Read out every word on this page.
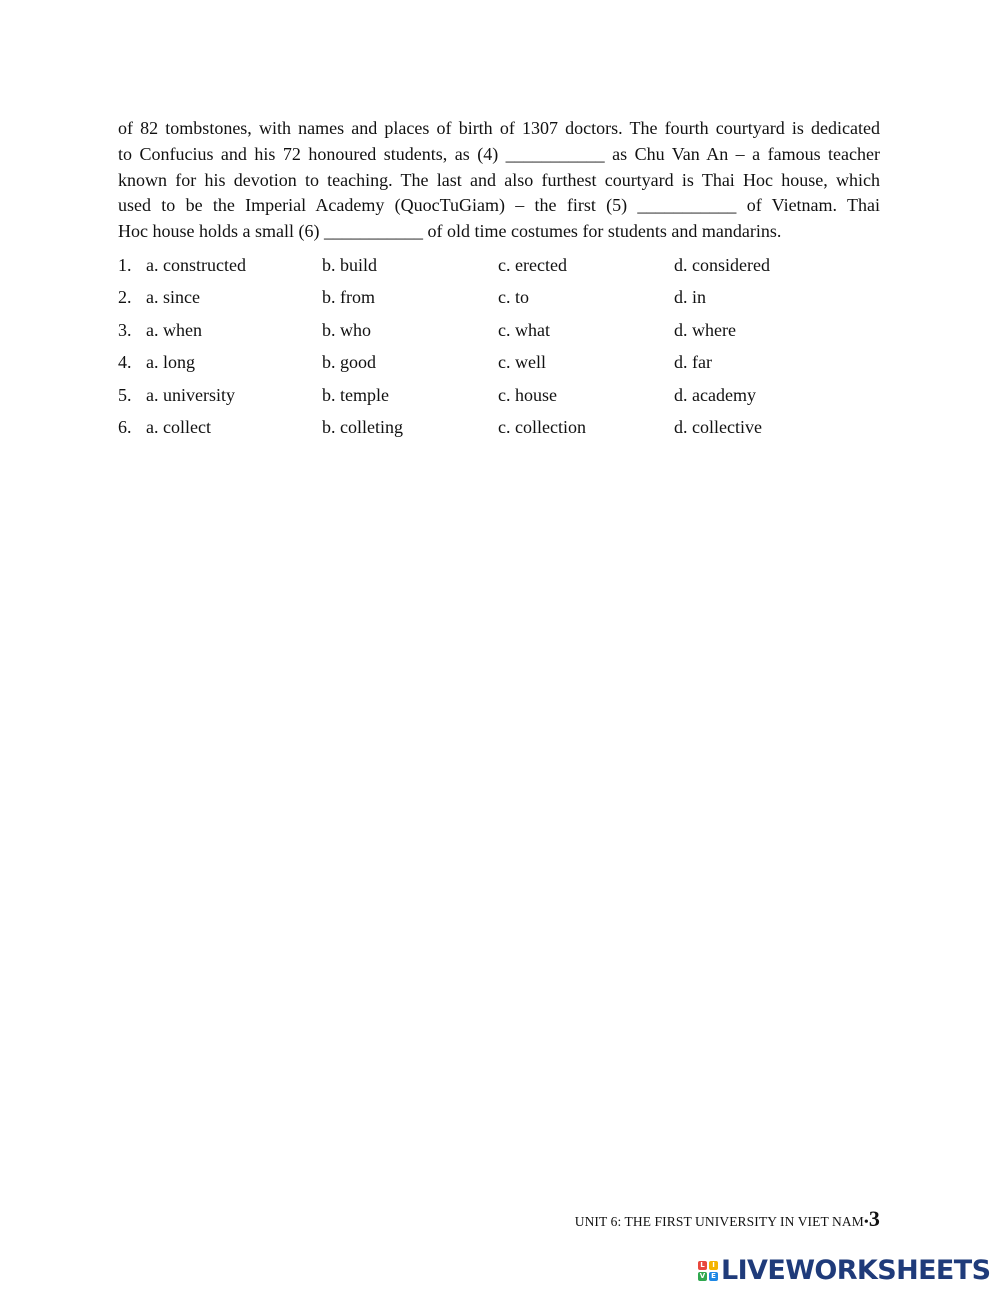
of 82 tombstones, with names and places of birth of 1307 doctors. The fourth courtyard is dedicated
to Confucius and his 72 honoured students, as (4) ___________ as Chu Van An – a famous teacher
known for his devotion to teaching. The last and also furthest courtyard is Thai Hoc house, which
used to be the Imperial Academy (QuocTuGiam) – the first (5) ___________ of Vietnam. Thai
Hoc house holds a small (6) ___________ of old time costumes for students and mandarins.
1. a. constructed	b. build	c. erected	d. considered
2. a. since	b. from	c. to	d. in
3. a. when	b. who	c. what	d. where
4. a. long	b. good	c. well	d. far
5. a. university	b. temple	c. house	d. academy
6. a. collect	b. colleting	c. collection	d. collective
UNIT 6: THE FIRST UNIVERSITY IN VIET NAM•3
L	I
V E LIVEWORKSHEETS
